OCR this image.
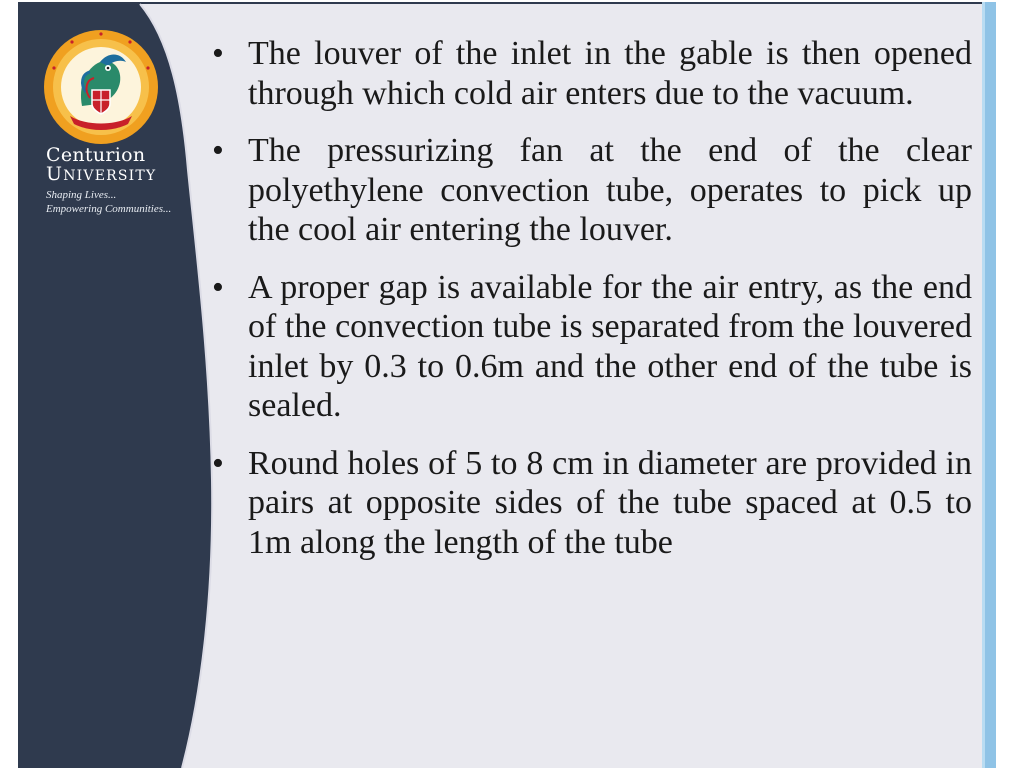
Centurion
UNIVERSITY
Shaping Lives...
Empowering Communities...
• The louver of the inlet in the gable is then opened through which cold air enters due to the vacuum.
• The pressurizing fan at the end of the clear polyethylene convection tube, operates to pick up the cool air entering the louver.
• A proper gap is available for the air entry, as the end of the convection tube is separated from the louvered inlet by 0.3 to 0.6m and the other end of the tube is sealed.
• Round holes of 5 to 8 cm in diameter are provided in pairs at opposite sides of the tube spaced at 0.5 to 1m along the length of the tube
